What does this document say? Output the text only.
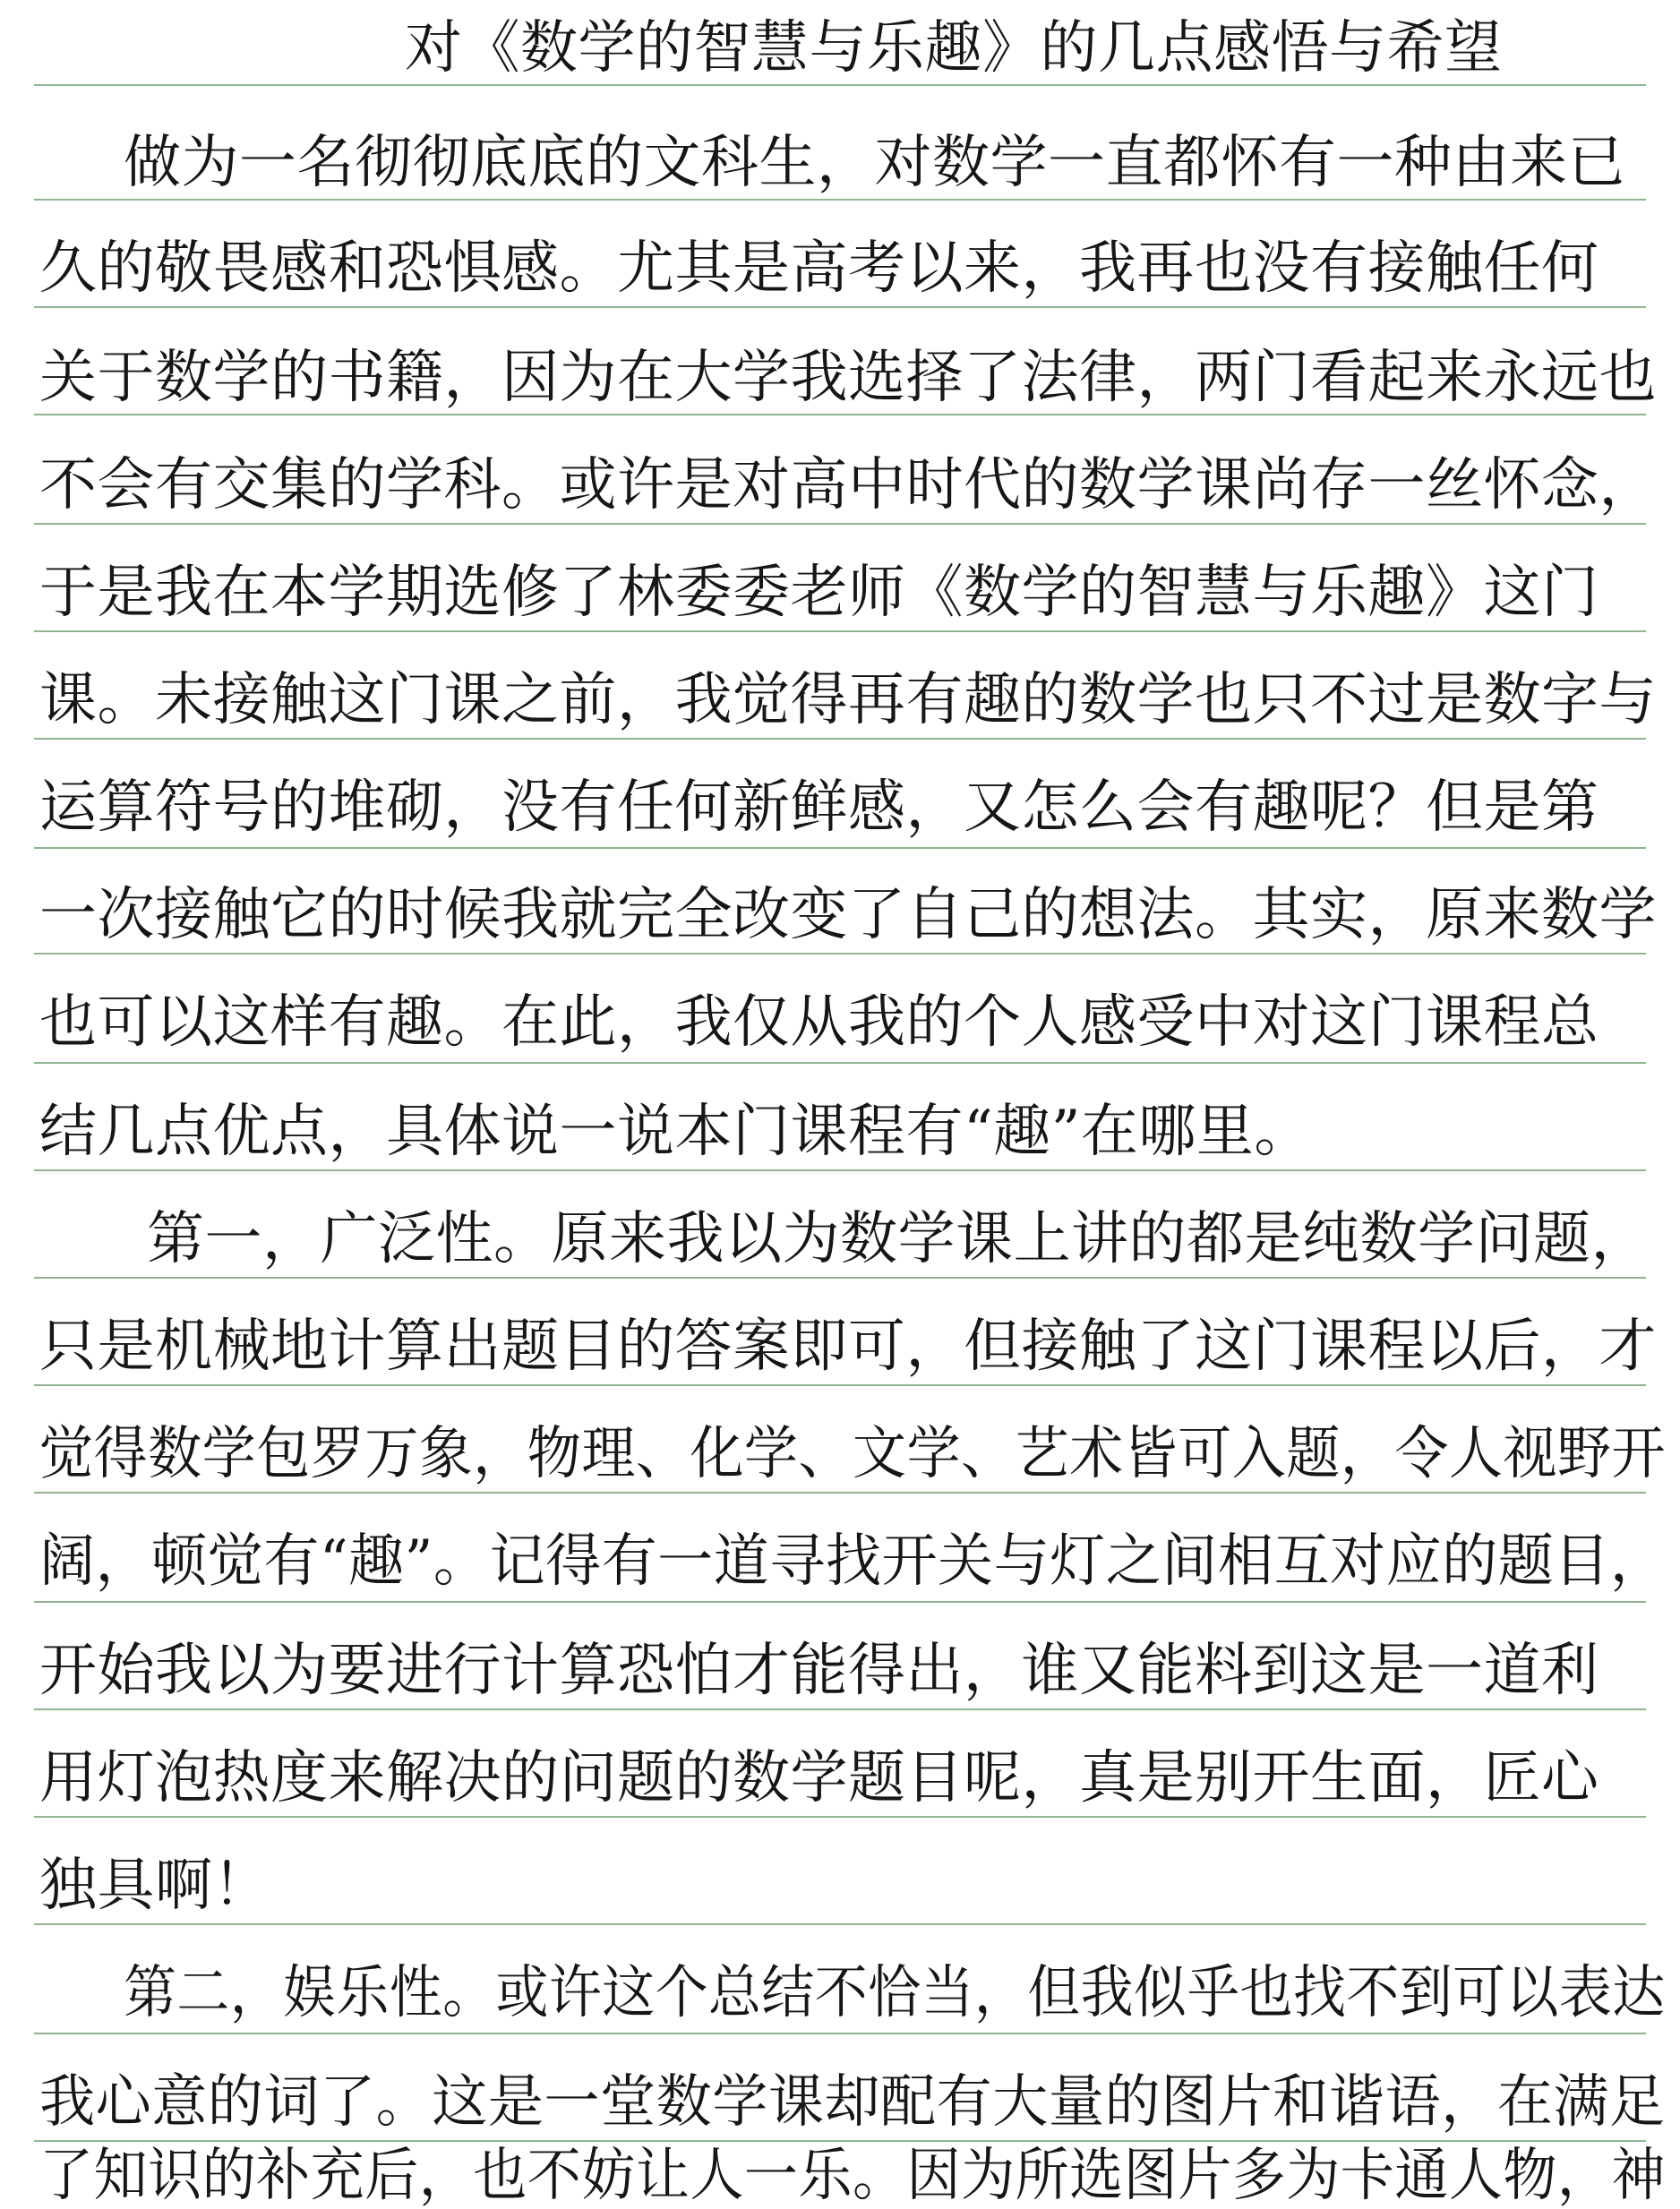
对《数学的智慧与乐趣》的几点感悟与希望
做为一名彻彻底底的文科生，对数学一直都怀有一种由来已
久的敬畏感和恐惧感。尤其是高考以来，我再也没有接触任何
关于数学的书籍，因为在大学我选择了法律，两门看起来永远也
不会有交集的学科。或许是对高中时代的数学课尚存一丝怀念，
于是我在本学期选修了林委委老师《数学的智慧与乐趣》这门
课。未接触这门课之前，我觉得再有趣的数学也只不过是数字与
运算符号的堆砌，没有任何新鲜感，又怎么会有趣呢？但是第
一次接触它的时候我就完全改变了自己的想法。其实，原来数学
也可以这样有趣。在此，我仅从我的个人感受中对这门课程总
结几点优点，具体说一说本门课程有“趣”在哪里。
第一，广泛性。原来我以为数学课上讲的都是纯数学问题，
只是机械地计算出题目的答案即可，但接触了这门课程以后，才
觉得数学包罗万象，物理、化学、文学、艺术皆可入题，令人视野开
阔，顿觉有“趣”。记得有一道寻找开关与灯之间相互对应的题目，
开始我以为要进行计算恐怕才能得出，谁又能料到这是一道利
用灯泡热度来解决的问题的数学题目呢，真是别开生面，匠心
独具啊！
第二，娱乐性。或许这个总结不恰当，但我似乎也找不到可以表达
我心意的词了。这是一堂数学课却配有大量的图片和谐语，在满足
了知识的补充后，也不妨让人一乐。因为所选图片多为卡通人物，神
